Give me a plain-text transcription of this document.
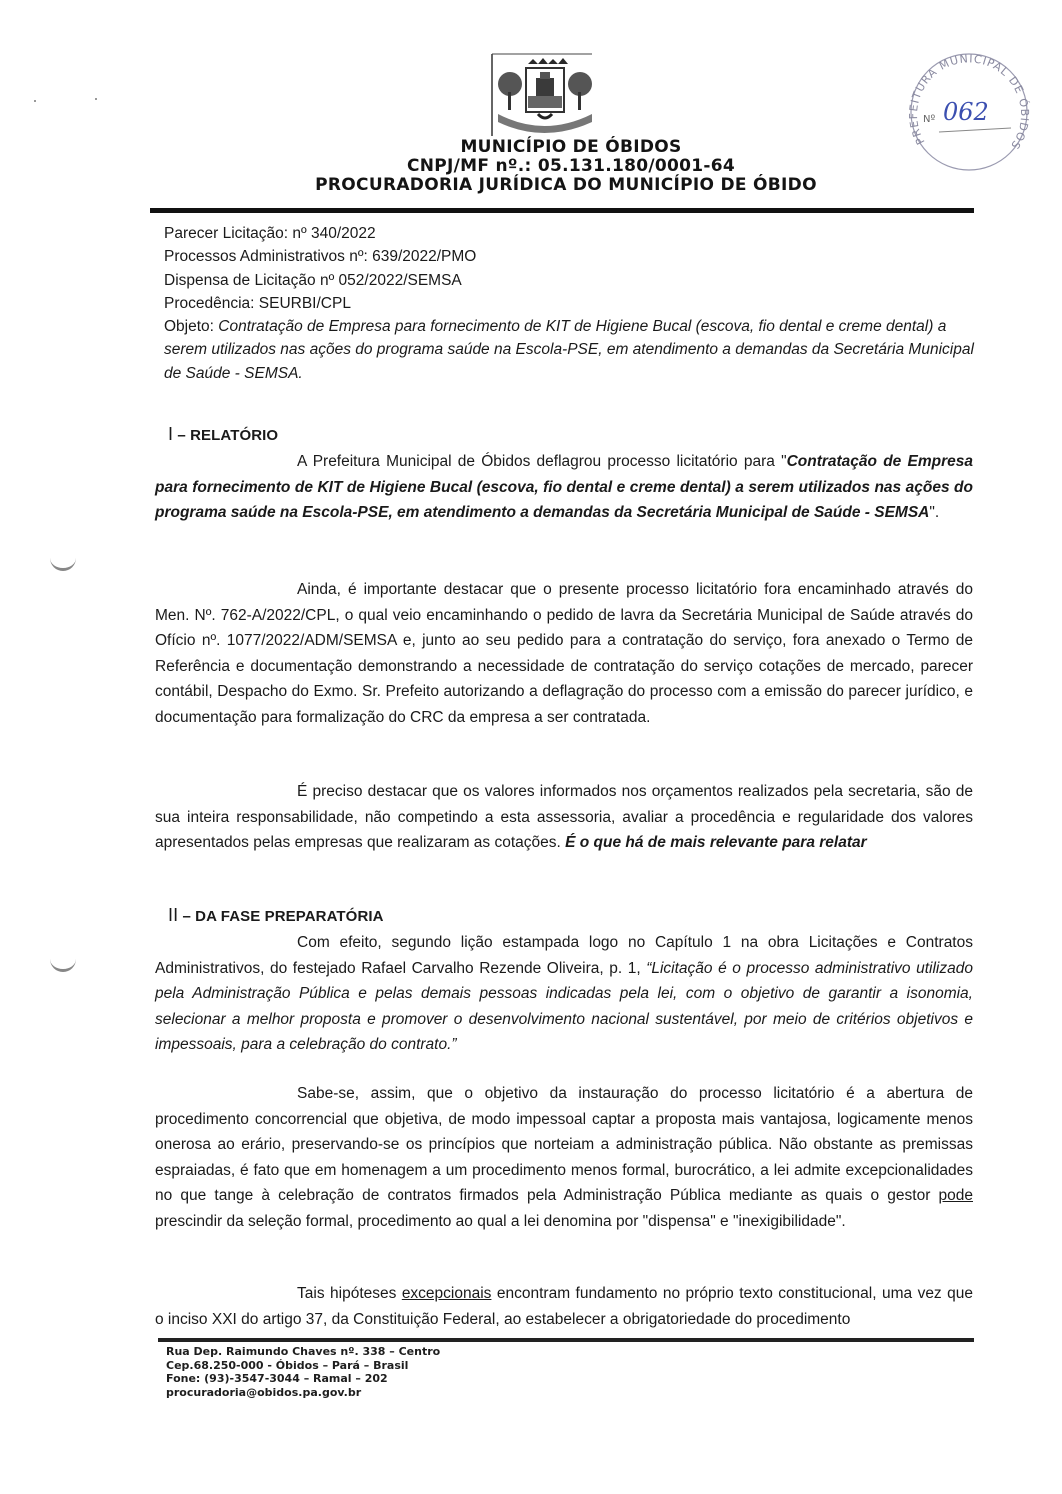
PREFEITURA MUNICIPAL DE ÓBIDOS
Nº 062
MUNICÍPIO DE ÓBIDOS
CNPJ/MF nº.: 05.131.180/0001-64
PROCURADORIA JURÍDICA DO MUNICÍPIO DE ÓBIDO
Parecer Licitação: nº 340/2022
Processos Administrativos nº: 639/2022/PMO
Dispensa de Licitação nº 052/2022/SEMSA
Procedência: SEURBI/CPL
Objeto: Contratação de Empresa para fornecimento de KIT de Higiene Bucal (escova, fio dental e creme dental) a serem utilizados nas ações do programa saúde na Escola-PSE, em atendimento a demandas da Secretária Municipal de Saúde - SEMSA.
I – RELATÓRIO
A Prefeitura Municipal de Óbidos deflagrou processo licitatório para "Contratação de Empresa para fornecimento de KIT de Higiene Bucal (escova, fio dental e creme dental) a serem utilizados nas ações do programa saúde na Escola-PSE, em atendimento a demandas da Secretária Municipal de Saúde - SEMSA".
Ainda, é importante destacar que o presente processo licitatório fora encaminhado através do Men. Nº. 762-A/2022/CPL, o qual veio encaminhando o pedido de lavra da Secretária Municipal de Saúde através do Ofício nº. 1077/2022/ADM/SEMSA e, junto ao seu pedido para a contratação do serviço, fora anexado o Termo de Referência e documentação demonstrando a necessidade de contratação do serviço cotações de mercado, parecer contábil, Despacho do Exmo. Sr. Prefeito autorizando a deflagração do processo com a emissão do parecer jurídico, e documentação para formalização do CRC da empresa a ser contratada.
É preciso destacar que os valores informados nos orçamentos realizados pela secretaria, são de sua inteira responsabilidade, não competindo a esta assessoria, avaliar a procedência e regularidade dos valores apresentados pelas empresas que realizaram as cotações. É o que há de mais relevante para relatar
II – DA FASE PREPARATÓRIA
Com efeito, segundo lição estampada logo no Capítulo 1 na obra Licitações e Contratos Administrativos, do festejado Rafael Carvalho Rezende Oliveira, p. 1, “Licitação é o processo administrativo utilizado pela Administração Pública e pelas demais pessoas indicadas pela lei, com o objetivo de garantir a isonomia, selecionar a melhor proposta e promover o desenvolvimento nacional sustentável, por meio de critérios objetivos e impessoais, para a celebração do contrato.”
Sabe-se, assim, que o objetivo da instauração do processo licitatório é a abertura de procedimento concorrencial que objetiva, de modo impessoal captar a proposta mais vantajosa, logicamente menos onerosa ao erário, preservando-se os princípios que norteiam a administração pública. Não obstante as premissas espraiadas, é fato que em homenagem a um procedimento menos formal, burocrático, a lei admite excepcionalidades no que tange à celebração de contratos firmados pela Administração Pública mediante as quais o gestor pode prescindir da seleção formal, procedimento ao qual a lei denomina por "dispensa" e "inexigibilidade".
Tais hipóteses excepcionais encontram fundamento no próprio texto constitucional, uma vez que o inciso XXI do artigo 37, da Constituição Federal, ao estabelecer a obrigatoriedade do procedimento
Rua Dep. Raimundo Chaves nº. 338 – Centro
Cep.68.250-000 - Óbidos – Pará – Brasil
Fone: (93)-3547-3044 – Ramal – 202
procuradoria@obidos.pa.gov.br
